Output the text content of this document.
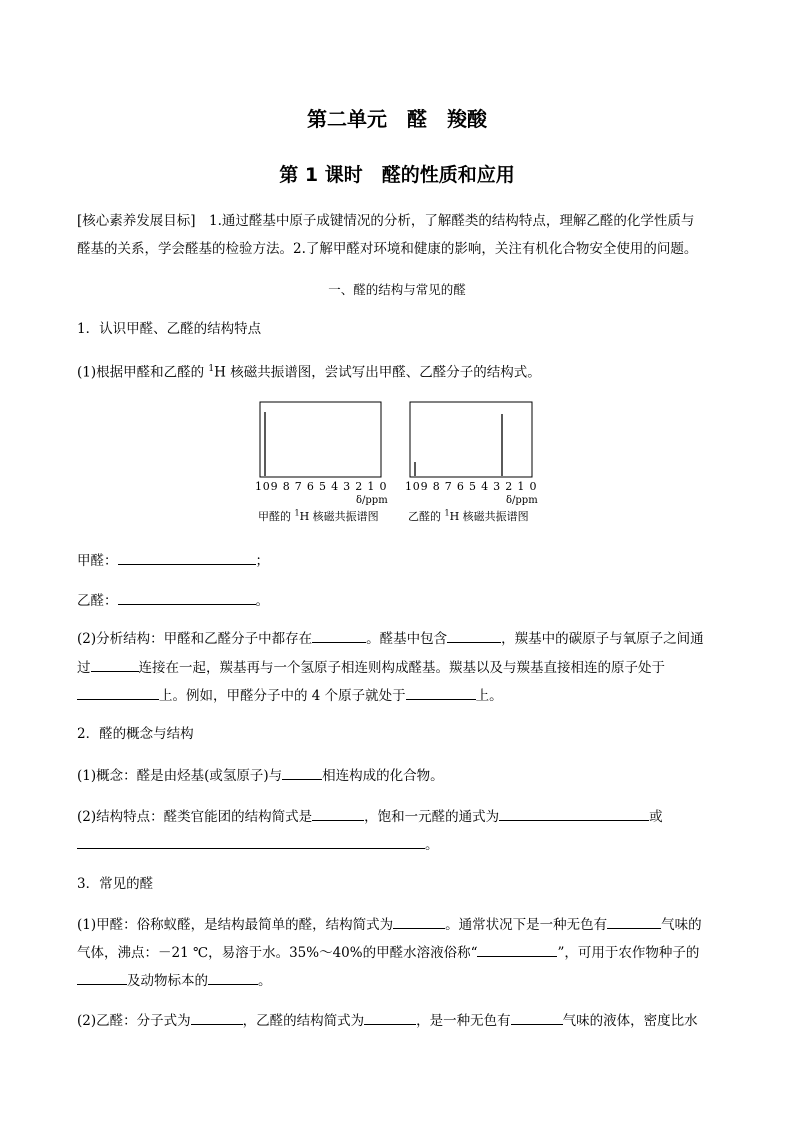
第二单元　醛　羧酸
第 1 课时　醛的性质和应用
[核心素养发展目标]　1.通过醛基中原子成键情况的分析，了解醛类的结构特点，理解乙醛的化学性质与
醛基的关系，学会醛基的检验方法。2.了解甲醛对环境和健康的影响，关注有机化合物安全使用的问题。
一、醛的结构与常见的醛
1．认识甲醛、乙醛的结构特点
(1)根据甲醛和乙醛的 $^1$H 核磁共振谱图，尝试写出甲醛、乙醛分子的结构式。
109 8 7 6 5 4 3 2 1 0
δ/ppm
甲醛的 $^1$H 核磁共振谱图
109 8 7 6 5 4 3 2 1 0
δ/ppm
乙醛的 $^1$H 核磁共振谱图
甲醛：	；
乙醛：	。
(2)分析结构：甲醛和乙醛分子中都存在	。醛基中包含	，羰基中的碳原子与氧原子之间通
过	连接在一起，羰基再与一个氢原子相连则构成醛基。羰基以及与羰基直接相连的原子处于
上。例如，甲醛分子中的 4 个原子就处于	上。
2．醛的概念与结构
(1)概念：醛是由烃基(或氢原子)与	相连构成的化合物。
(2)结构特点：醛类官能团的结构简式是	，饱和一元醛的通式为	或
。
3．常见的醛
(1)甲醛：俗称蚁醛，是结构最简单的醛，结构简式为	。通常状况下是一种无色有	气味的
气体，沸点：－21 ℃，易溶于水。35%～40%的甲醛水溶液俗称“	”，可用于农作物种子的
及动物标本的	。
(2)乙醛：分子式为	，乙醛的结构简式为	，是一种无色有	气味的液体，密度比水
